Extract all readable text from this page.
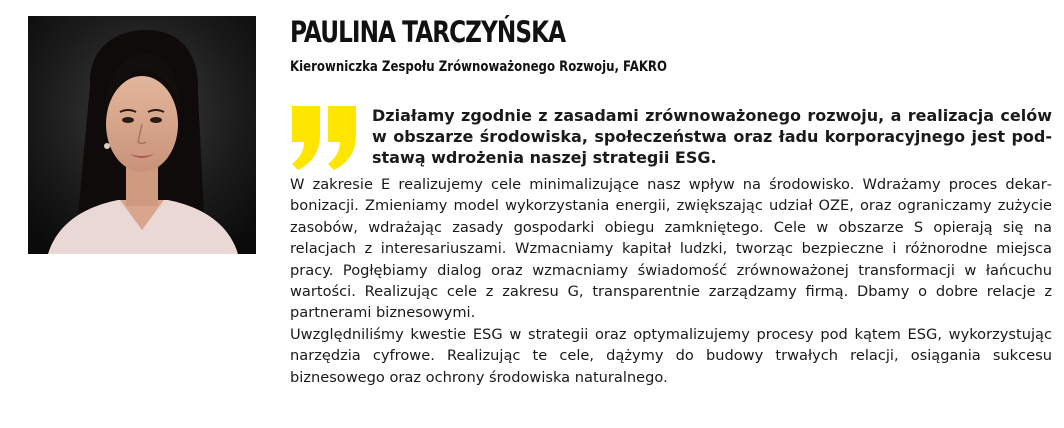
PAULINA TARCZYŃSKA
Kierowniczka Zespołu Zrównoważonego Rozwoju, FAKRO

Działamy zgodnie z zasadami zrównoważonego rozwoju, a realizacja celów w obszarze środowiska, społeczeństwa oraz ładu korporacyjnego jest podstawą wdrożenia naszej strategii ESG.

W zakresie E realizujemy cele minimalizujące nasz wpływ na środowisko. Wdrażamy proces dekarbonizacji. Zmieniamy model wykorzystania energii, zwiększając udział OZE, oraz ograniczamy zużycie zasobów, wdrażając zasady gospodarki obiegu zamkniętego. Cele w obszarze S opierają się na relacjach z interesariuszami. Wzmacniamy kapitał ludzki, tworząc bezpieczne i różnorodne miejsca pracy. Pogłębiamy dialog oraz wzmacniamy świadomość zrównoważonej transformacji w łańcuchu wartości. Realizując cele z zakresu G, transparentnie zarządzamy firmą. Dbamy o dobre relacje z partnerami biznesowymi.

Uwzględniliśmy kwestie ESG w strategii oraz optymalizujemy procesy pod kątem ESG, wykorzystując narzędzia cyfrowe. Realizując te cele, dążymy do budowy trwałych relacji, osiągania sukcesu biznesowego oraz ochrony środowiska naturalnego.
